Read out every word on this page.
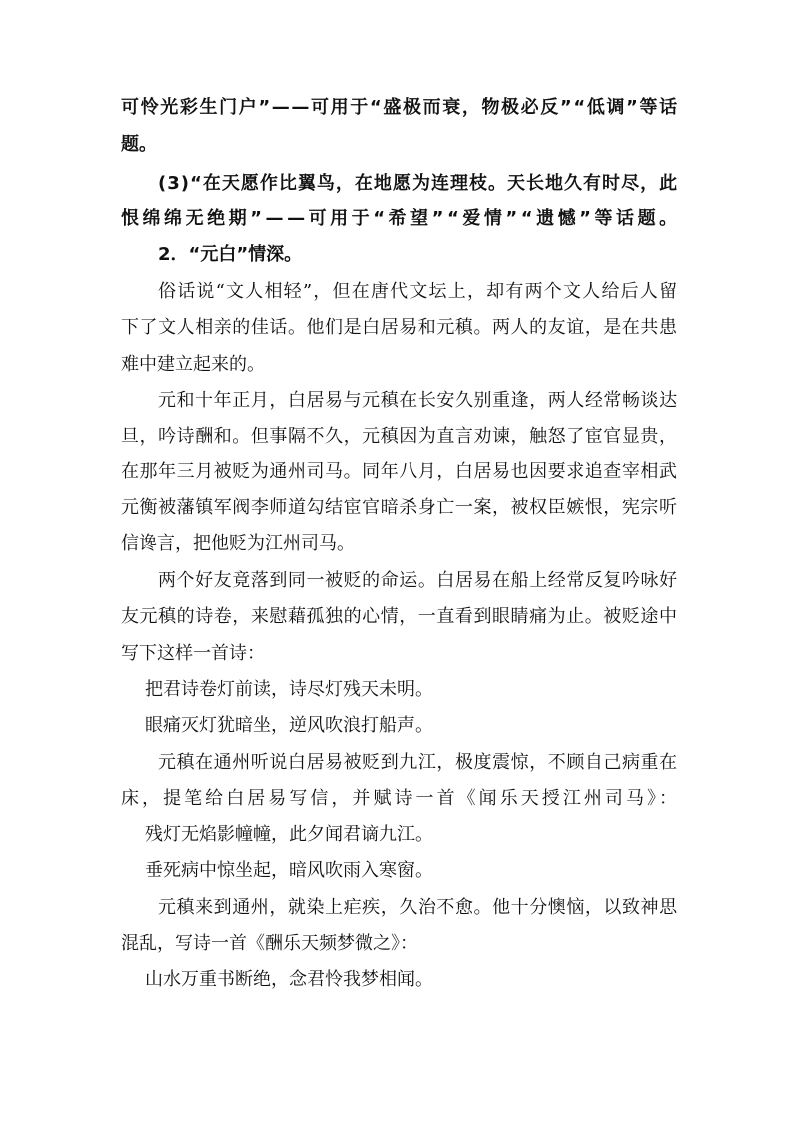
可怜光彩生门户”——可用于“盛极而衰，物极必反”“低调”等话
题。
(3)“在天愿作比翼鸟，在地愿为连理枝。天长地久有时尽，此
恨绵绵无绝期”——可用于“希望”“爱情”“遗憾”等话题。
2．“元白”情深。
俗话说“文人相轻”，但在唐代文坛上，却有两个文人给后人留
下了文人相亲的佳话。他们是白居易和元稹。两人的友谊，是在共患
难中建立起来的。
元和十年正月，白居易与元稹在长安久别重逢，两人经常畅谈达
旦，吟诗酬和。但事隔不久，元稹因为直言劝谏，触怒了宦官显贵，
在那年三月被贬为通州司马。同年八月，白居易也因要求追查宰相武
元衡被藩镇军阀李师道勾结宦官暗杀身亡一案，被权臣嫉恨，宪宗听
信谗言，把他贬为江州司马。
两个好友竟落到同一被贬的命运。白居易在船上经常反复吟咏好
友元稹的诗卷，来慰藉孤独的心情，一直看到眼睛痛为止。被贬途中
写下这样一首诗：
把君诗卷灯前读，诗尽灯残天未明。
眼痛灭灯犹暗坐，逆风吹浪打船声。
元稹在通州听说白居易被贬到九江，极度震惊，不顾自己病重在
床，提笔给白居易写信，并赋诗一首《闻乐天授江州司马》：
残灯无焰影幢幢，此夕闻君谪九江。
垂死病中惊坐起，暗风吹雨入寒窗。
元稹来到通州，就染上疟疾，久治不愈。他十分懊恼，以致神思
混乱，写诗一首《酬乐天频梦微之》：
山水万重书断绝，念君怜我梦相闻。
